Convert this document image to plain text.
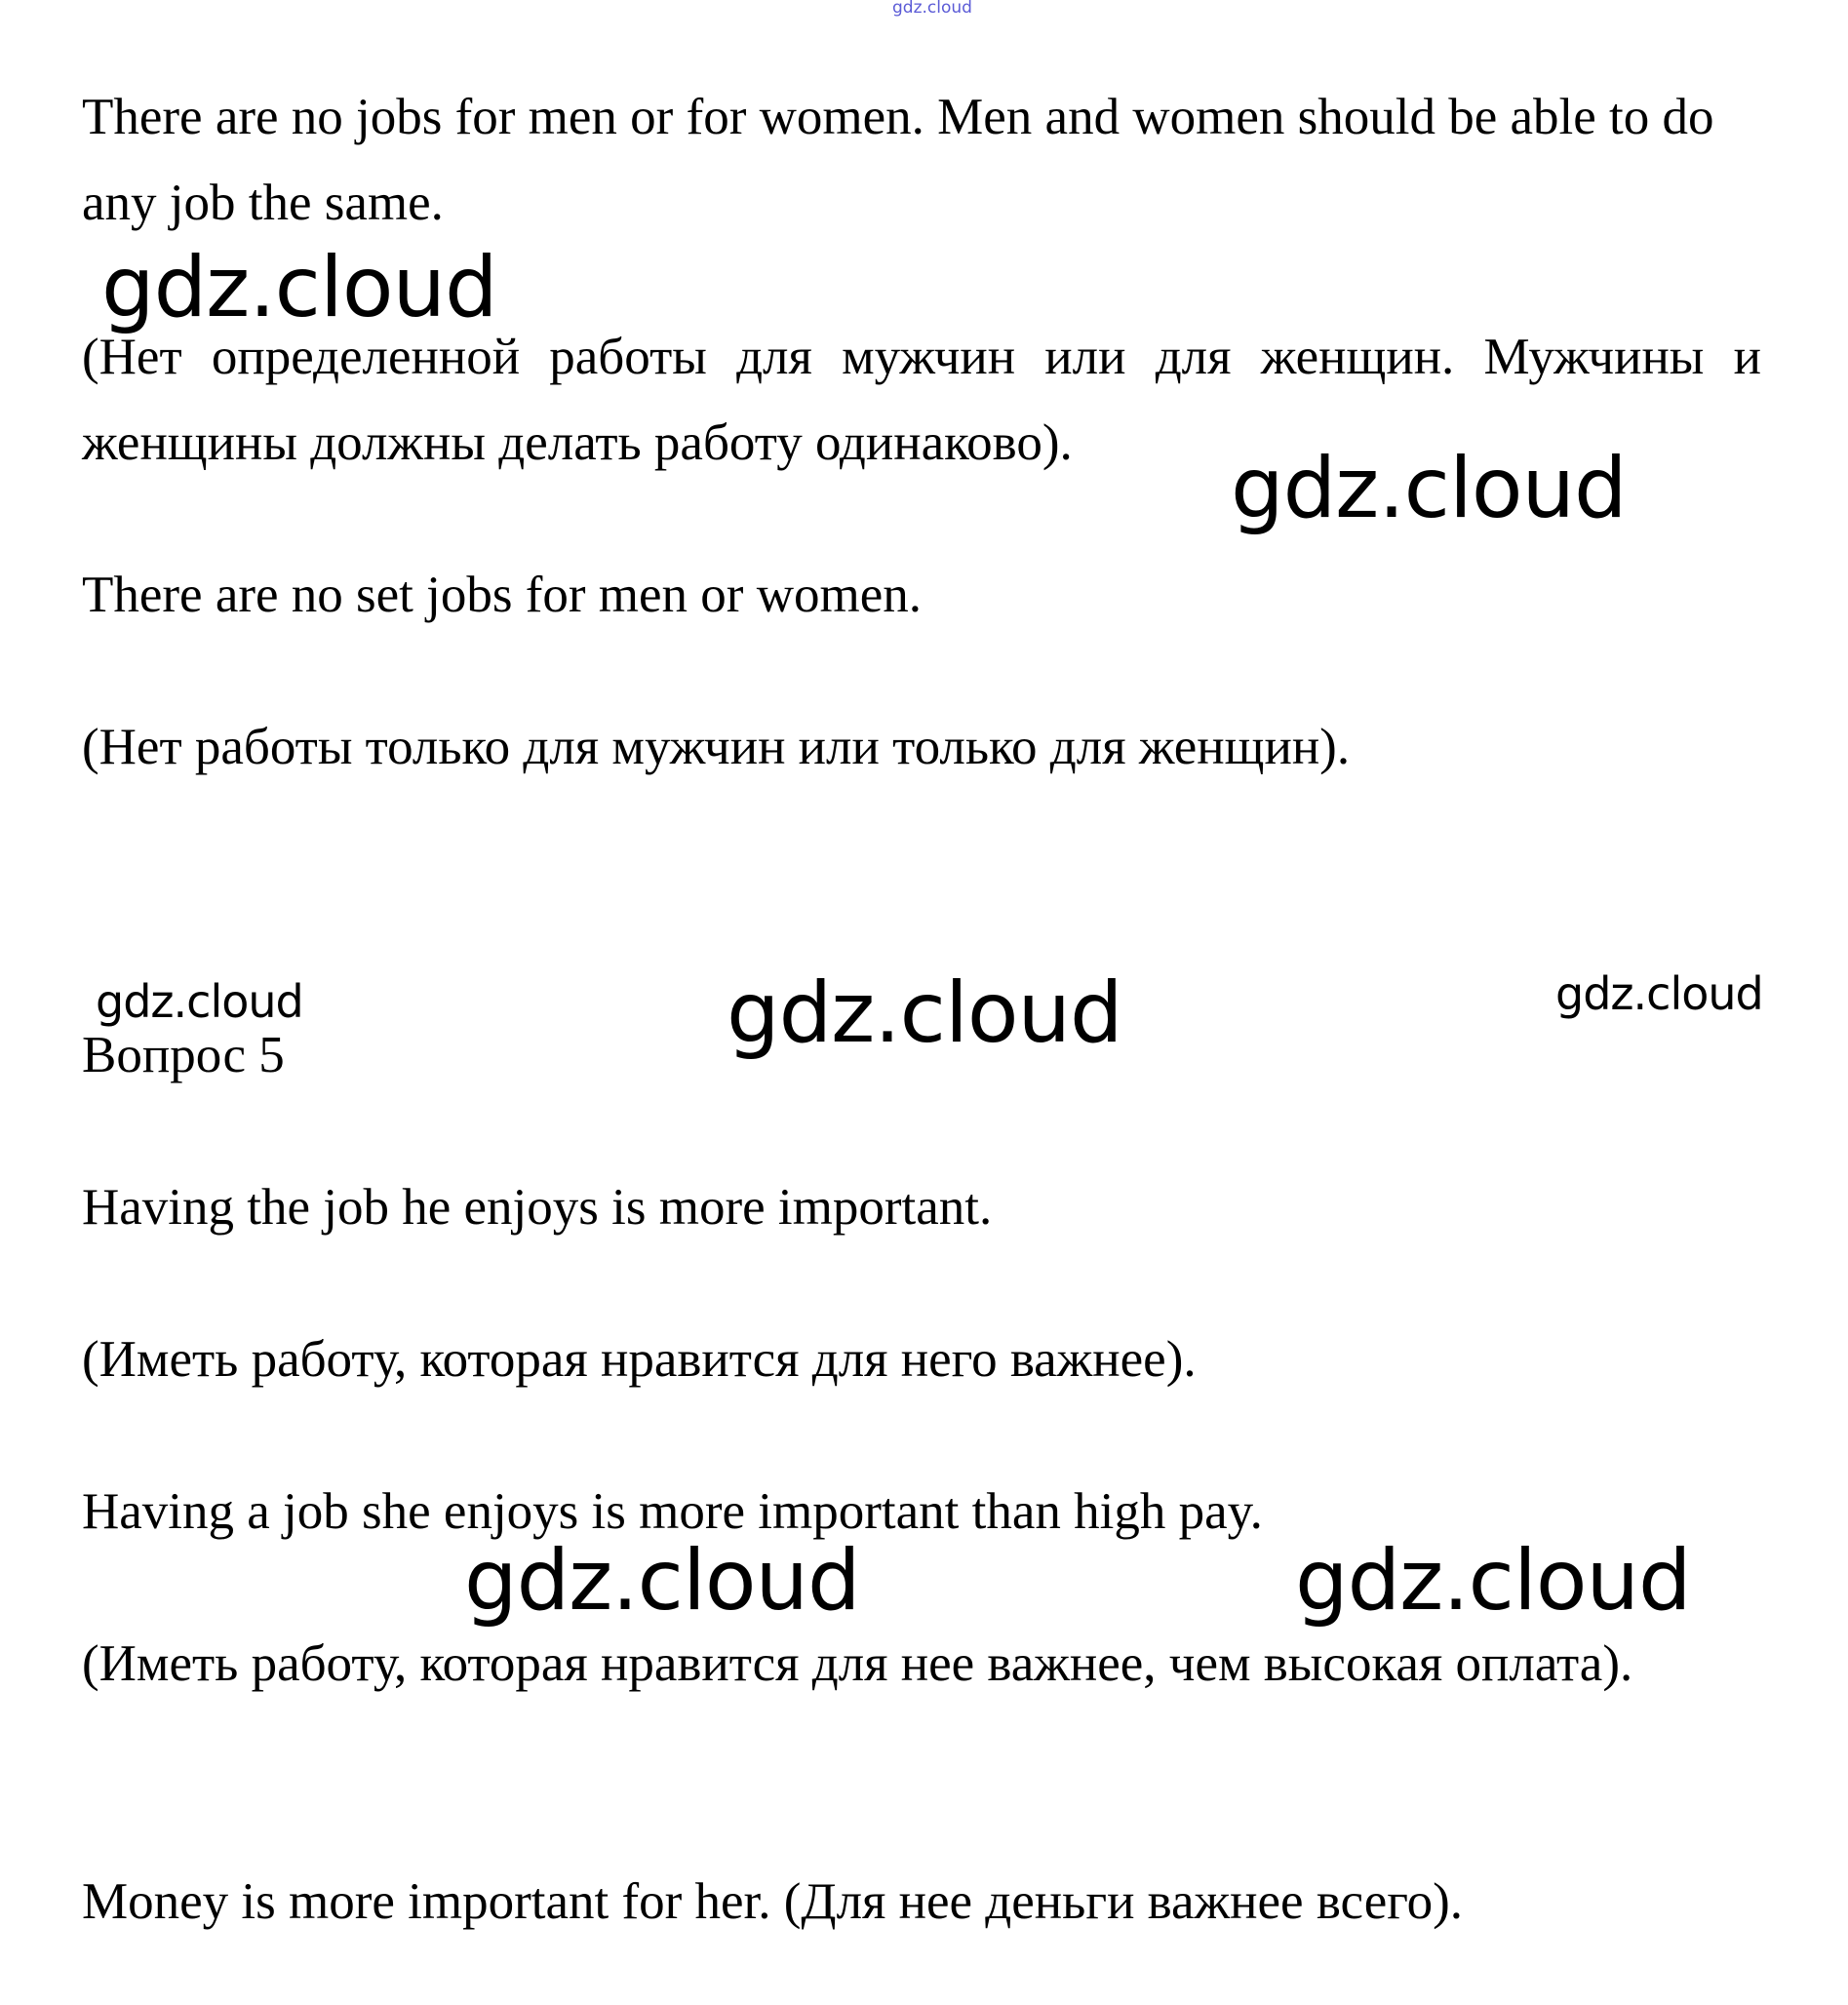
gdz.cloud

There are no jobs for men or for women. Men and women should be able to do any job the same.

gdz.cloud

(Нет определенной работы для мужчин или для женщин. Мужчины и женщины должны делать работу одинаково).	gdz.cloud

There are no set jobs for men or women.

(Нет работы только для мужчин или только для женщин).

gdz.cloud	gdz.cloud	gdz.cloud

Вопрос 5

Having the job he enjoys is more important.

(Иметь работу, которая нравится для него важнее).

Having a job she enjoys is more important than high pay.

gdz.cloud	gdz.cloud

(Иметь работу, которая нравится для нее важнее, чем высокая оплата).

Money is more important for her. (Для нее деньги важнее всего).
